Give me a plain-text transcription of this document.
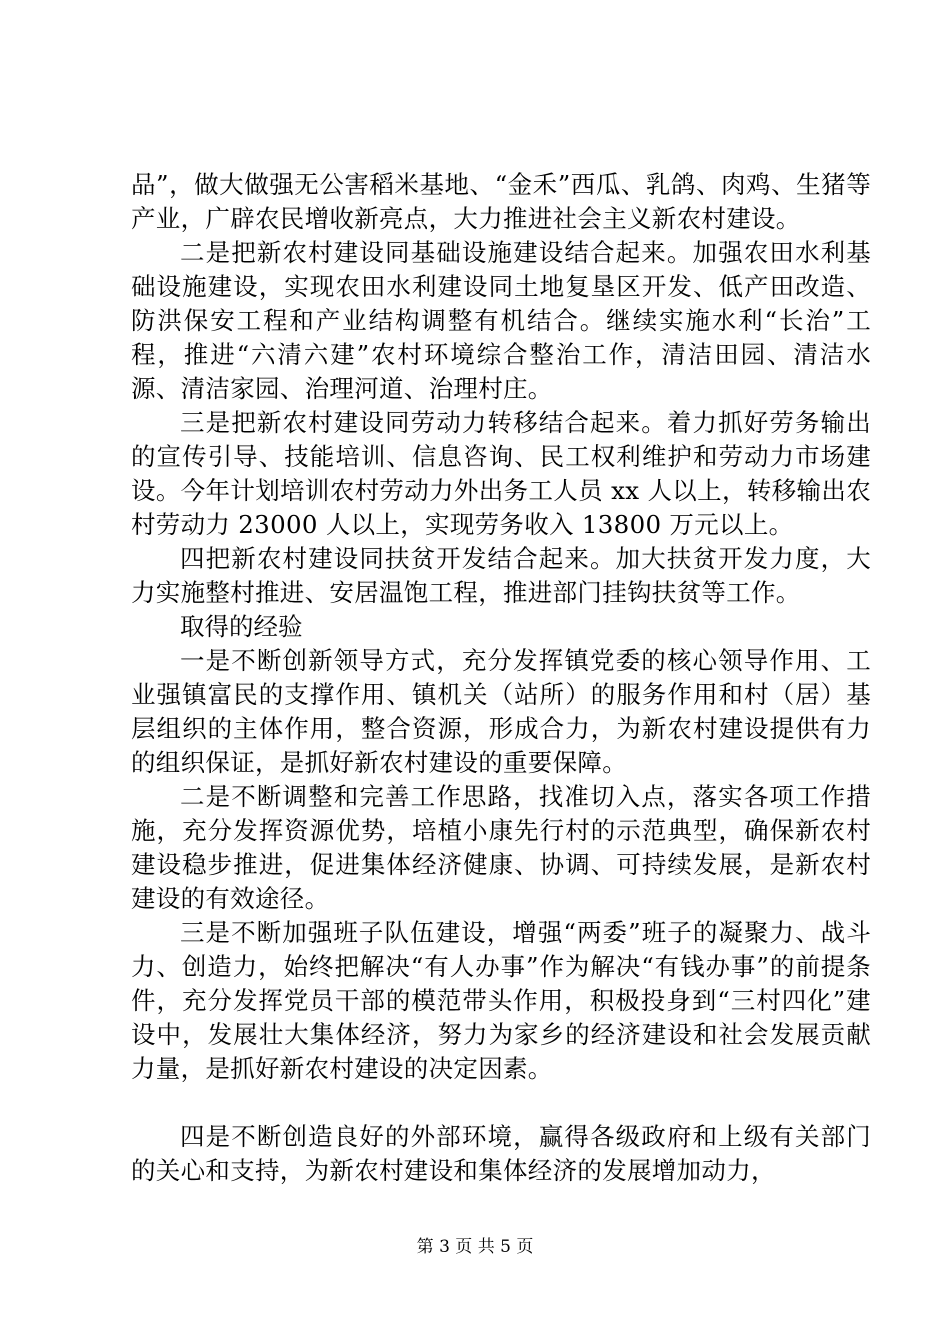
品”，做大做强无公害稻米基地、“金禾”西瓜、乳鸽、肉鸡、生猪等产业，广辟农民增收新亮点，大力推进社会主义新农村建设。

二是把新农村建设同基础设施建设结合起来。加强农田水利基础设施建设，实现农田水利建设同土地复垦区开发、低产田改造、防洪保安工程和产业结构调整有机结合。继续实施水利“长治”工程，推进“六清六建”农村环境综合整治工作，清洁田园、清洁水源、清洁家园、治理河道、治理村庄。

三是把新农村建设同劳动力转移结合起来。着力抓好劳务输出的宣传引导、技能培训、信息咨询、民工权利维护和劳动力市场建设。今年计划培训农村劳动力外出务工人员 xx 人以上，转移输出农村劳动力 23000 人以上，实现劳务收入 13800 万元以上。

四把新农村建设同扶贫开发结合起来。加大扶贫开发力度，大力实施整村推进、安居温饱工程，推进部门挂钩扶贫等工作。

取得的经验

一是不断创新领导方式，充分发挥镇党委的核心领导作用、工业强镇富民的支撑作用、镇机关（站所）的服务作用和村（居）基层组织的主体作用，整合资源，形成合力，为新农村建设提供有力的组织保证，是抓好新农村建设的重要保障。

二是不断调整和完善工作思路，找准切入点，落实各项工作措施，充分发挥资源优势，培植小康先行村的示范典型，确保新农村建设稳步推进，促进集体经济健康、协调、可持续发展，是新农村建设的有效途径。

三是不断加强班子队伍建设，增强“两委”班子的凝聚力、战斗力、创造力，始终把解决“有人办事”作为解决“有钱办事”的前提条件，充分发挥党员干部的模范带头作用，积极投身到“三村四化”建设中，发展壮大集体经济，努力为家乡的经济建设和社会发展贡献力量，是抓好新农村建设的决定因素。

四是不断创造良好的外部环境，赢得各级政府和上级有关部门的关心和支持，为新农村建设和集体经济的发展增加动力，

第 3 页 共 5 页
